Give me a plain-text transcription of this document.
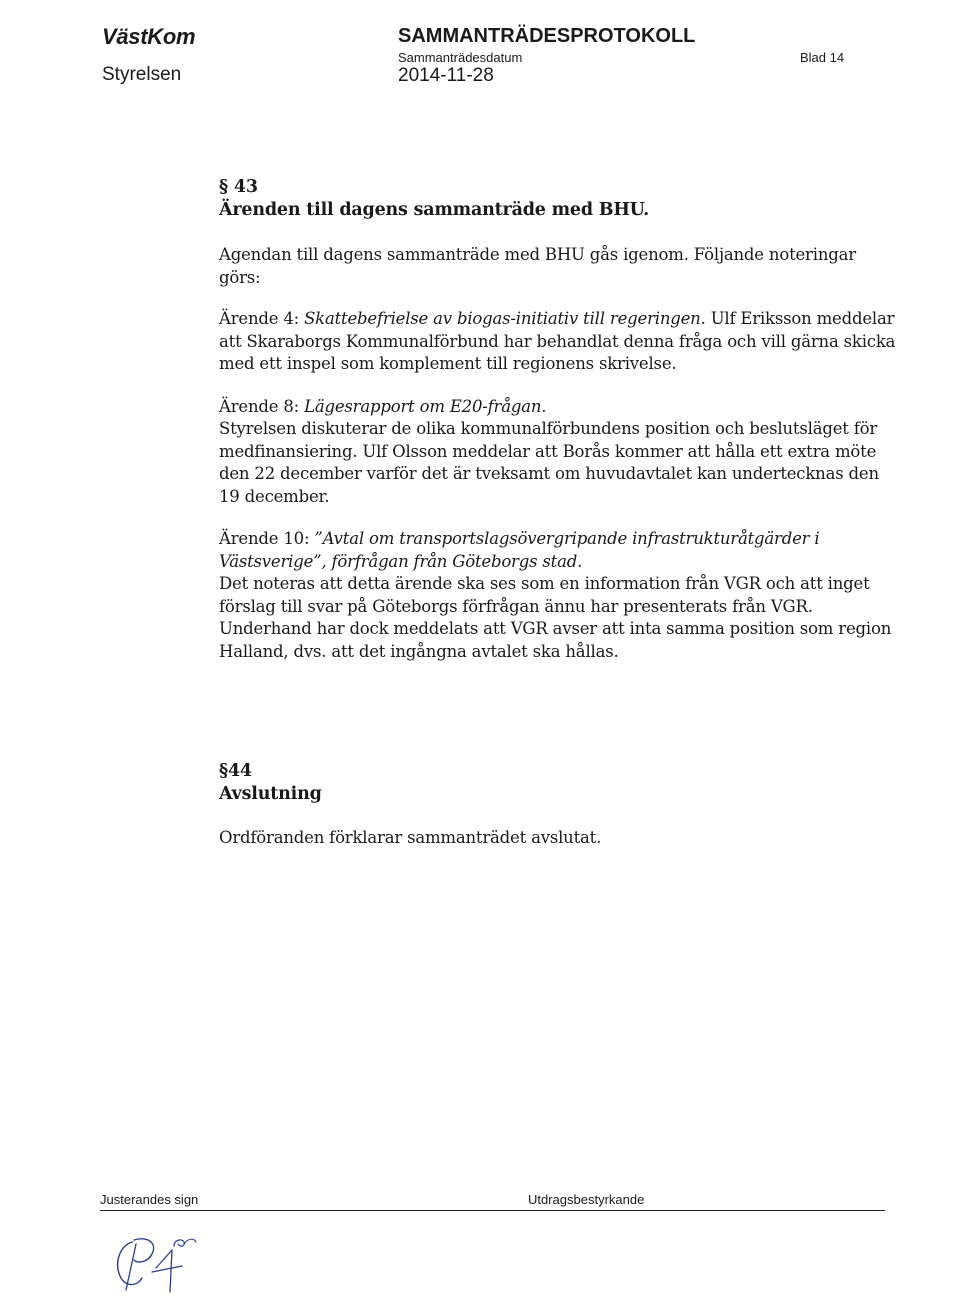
VästKom
Styrelsen
SAMMANTRÄDESPROTOKOLL
Sammanträdesdatum
2014-11-28
Blad 14

§ 43

Ärenden till dagens sammanträde med BHU.

Agendan till dagens sammanträde med BHU gås igenom. Följande noteringar görs:

Ärende 4: Skattebefrielse av biogas-initiativ till regeringen. Ulf Eriksson meddelar att Skaraborgs Kommunalförbund har behandlat denna fråga och vill gärna skicka med ett inspel som komplement till regionens skrivelse.

Ärende 8: Lägesrapport om E20-frågan.

Styrelsen diskuterar de olika kommunalförbundens position och beslutsläget för medfinansiering. Ulf Olsson meddelar att Borås kommer att hålla ett extra möte den 22 december varför det är tveksamt om huvudavtalet kan undertecknas den 19 december.

Ärende 10: ”Avtal om transportslagsövergripande infrastrukturåtgärder i Västsverige”, förfrågan från Göteborgs stad.

Det noteras att detta ärende ska ses som en information från VGR och att inget förslag till svar på Göteborgs förfrågan ännu har presenterats från VGR. Underhand har dock meddelats att VGR avser att inta samma position som region Halland, dvs. att det ingångna avtalet ska hållas.

§44

Avslutning

Ordföranden förklarar sammanträdet avslutat.

Justerandes sign	Utdragsbestyrkande
